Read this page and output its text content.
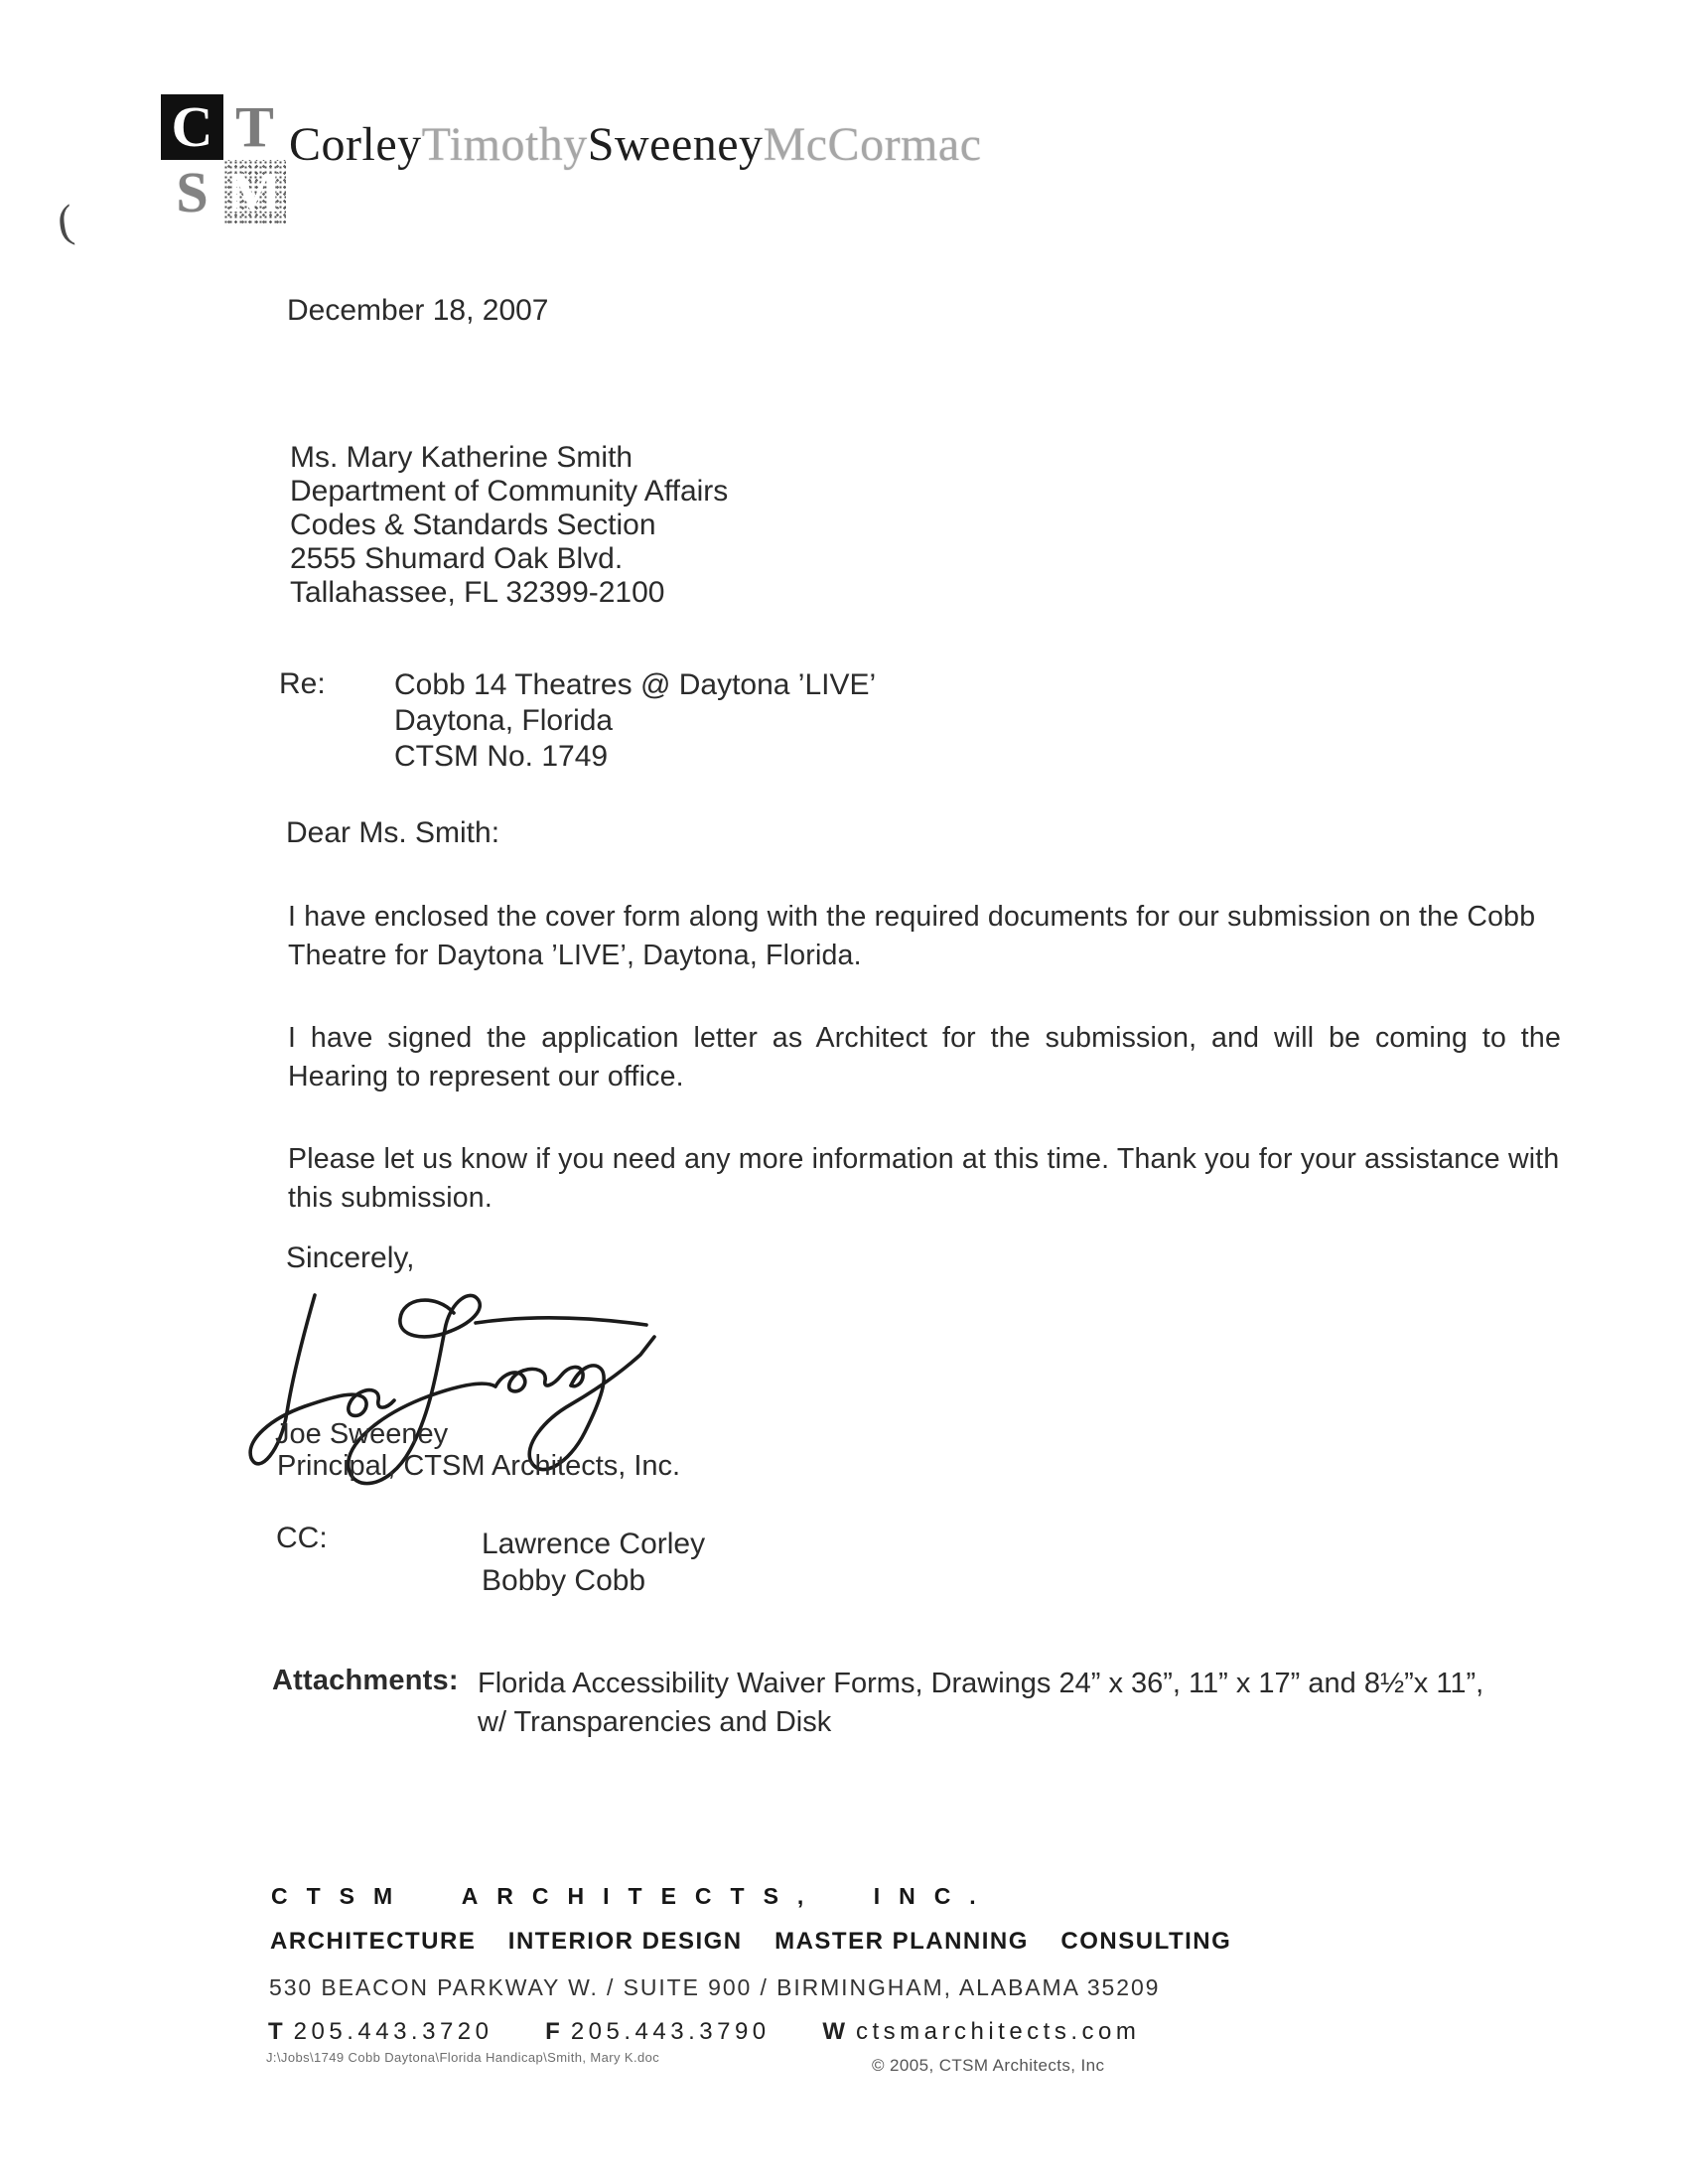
(
C T
S M
CorleyTimothySweeneyMcCormac
December 18, 2007
Ms. Mary Katherine Smith
Department of Community Affairs
Codes & Standards Section
2555 Shumard Oak Blvd.
Tallahassee, FL 32399-2100
Re: Cobb 14 Theatres @ Daytona ’LIVE’
Daytona, Florida
CTSM No. 1749
Dear Ms. Smith:
I have enclosed the cover form along with the required documents for our submission on the Cobb Theatre for Daytona ’LIVE’, Daytona, Florida.
I have signed the application letter as Architect for the submission, and will be coming to the Hearing to represent our office.
Please let us know if you need any more information at this time. Thank you for your assistance with this submission.
Sincerely,
Joe Sweeney
Principal, CTSM Architects, Inc.
CC:	Lawrence Corley
Bobby Cobb
Attachments: Florida Accessibility Waiver Forms, Drawings 24” x 36”, 11” x 17” and 8½”x 11”,
w/ Transparencies and Disk
CTSM ARCHITECTS, INC.
ARCHITECTURE INTERIOR DESIGN MASTER PLANNING CONSULTING
530 BEACON PARKWAY W. / SUITE 900 / BIRMINGHAM, ALABAMA 35209
T 205.443.3720 F 205.443.3790 W ctsmarchitects.com
J:\Jobs\1749 Cobb Daytona\Florida Handicap\Smith, Mary K.doc	© 2005, CTSM Architects, Inc
